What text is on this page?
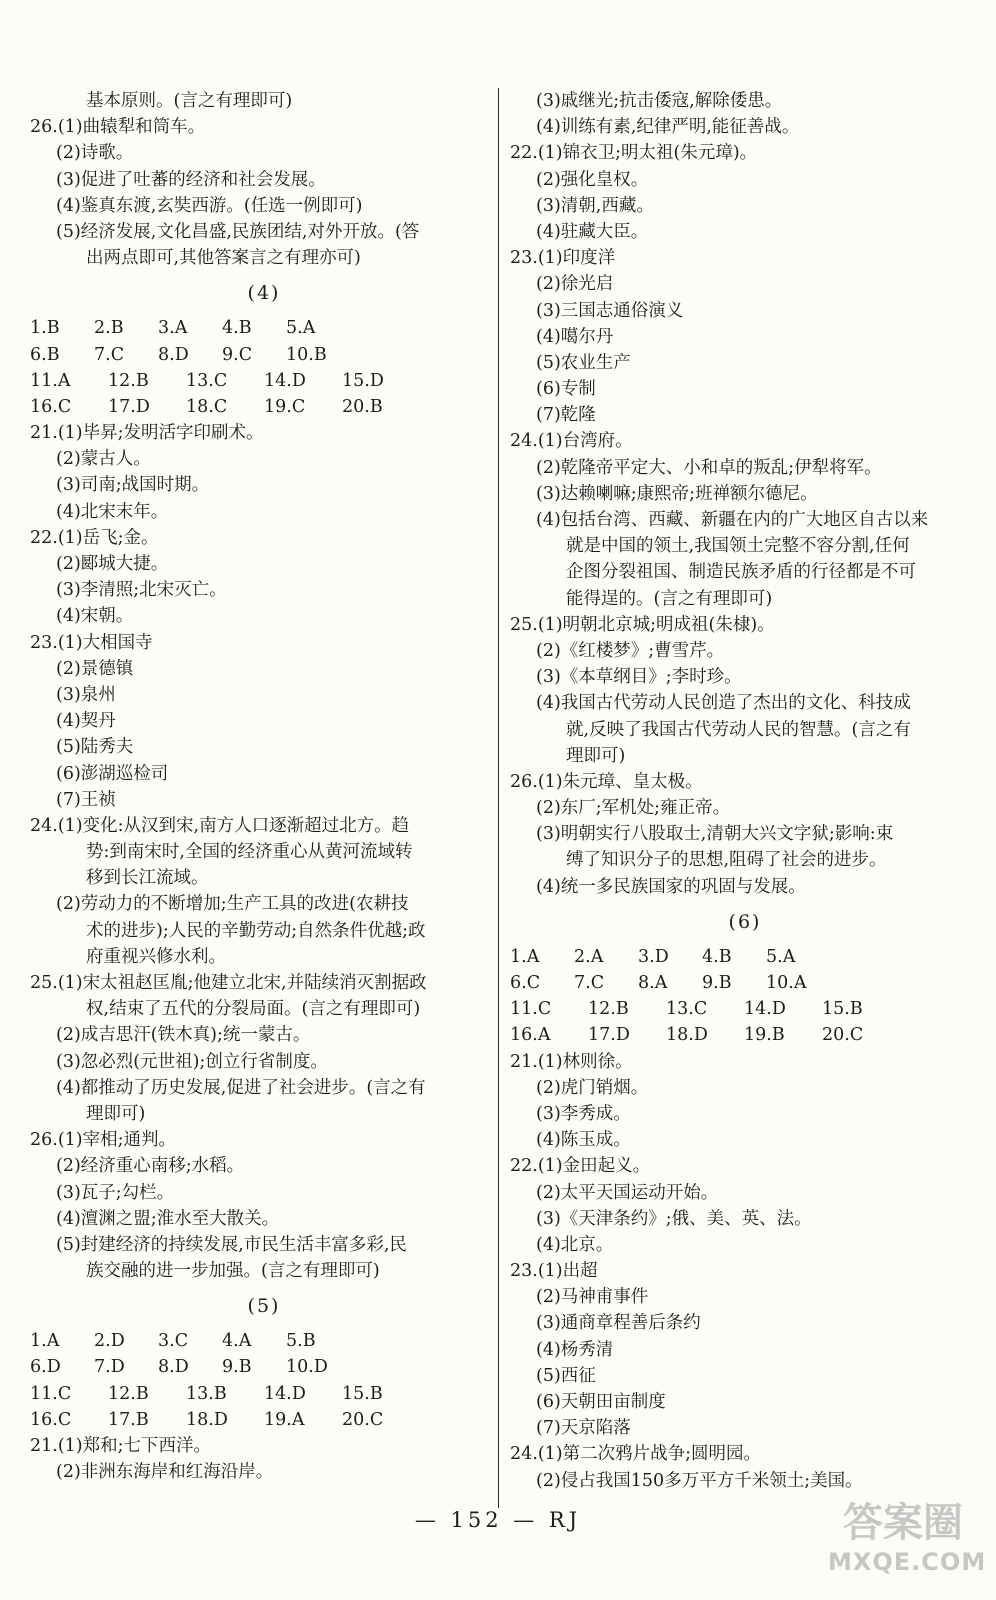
基本原则。(言之有理即可)
26.(1)曲辕犁和筒车。
(2)诗歌。
(3)促进了吐蕃的经济和社会发展。
(4)鉴真东渡,玄奘西游。(任选一例即可)
(5)经济发展,文化昌盛,民族团结,对外开放。(答
出两点即可,其他答案言之有理亦可)
(4)
1.B	2.B	3.A	4.B	5.A
6.B	7.C	8.D	9.C	10.B
11.A	12.B	13.C	14.D	15.D
16.C	17.D	18.C	19.C	20.B
21.(1)毕昇;发明活字印刷术。
(2)蒙古人。
(3)司南;战国时期。
(4)北宋末年。
22.(1)岳飞;金。
(2)郾城大捷。
(3)李清照;北宋灭亡。
(4)宋朝。
23.(1)大相国寺
(2)景德镇
(3)泉州
(4)契丹
(5)陆秀夫
(6)澎湖巡检司
(7)王祯
24.(1)变化:从汉到宋,南方人口逐渐超过北方。趋
势:到南宋时,全国的经济重心从黄河流域转
移到长江流域。
(2)劳动力的不断增加;生产工具的改进(农耕技
术的进步);人民的辛勤劳动;自然条件优越;政
府重视兴修水利。
25.(1)宋太祖赵匡胤;他建立北宋,并陆续消灭割据政
权,结束了五代的分裂局面。(言之有理即可)
(2)成吉思汗(铁木真);统一蒙古。
(3)忽必烈(元世祖);创立行省制度。
(4)都推动了历史发展,促进了社会进步。(言之有
理即可)
26.(1)宰相;通判。
(2)经济重心南移;水稻。
(3)瓦子;勾栏。
(4)澶渊之盟;淮水至大散关。
(5)封建经济的持续发展,市民生活丰富多彩,民
族交融的进一步加强。(言之有理即可)
(5)
1.A	2.D	3.C	4.A	5.B
6.D	7.D	8.D	9.B	10.D
11.C	12.B	13.B	14.D	15.B
16.C	17.B	18.D	19.A	20.C
21.(1)郑和;七下西洋。
(2)非洲东海岸和红海沿岸。
(3)戚继光;抗击倭寇,解除倭患。
(4)训练有素,纪律严明,能征善战。
22.(1)锦衣卫;明太祖(朱元璋)。
(2)强化皇权。
(3)清朝,西藏。
(4)驻藏大臣。
23.(1)印度洋
(2)徐光启
(3)三国志通俗演义
(4)噶尔丹
(5)农业生产
(6)专制
(7)乾隆
24.(1)台湾府。
(2)乾隆帝平定大、小和卓的叛乱;伊犁将军。
(3)达赖喇嘛;康熙帝;班禅额尔德尼。
(4)包括台湾、西藏、新疆在内的广大地区自古以来
就是中国的领土,我国领土完整不容分割,任何
企图分裂祖国、制造民族矛盾的行径都是不可
能得逞的。(言之有理即可)
25.(1)明朝北京城;明成祖(朱棣)。
(2)《红楼梦》;曹雪芹。
(3)《本草纲目》;李时珍。
(4)我国古代劳动人民创造了杰出的文化、科技成
就,反映了我国古代劳动人民的智慧。(言之有
理即可)
26.(1)朱元璋、皇太极。
(2)东厂;军机处;雍正帝。
(3)明朝实行八股取士,清朝大兴文字狱;影响:束
缚了知识分子的思想,阻碍了社会的进步。
(4)统一多民族国家的巩固与发展。
(6)
1.A	2.A	3.D	4.B	5.A
6.C	7.C	8.A	9.B	10.A
11.C	12.B	13.C	14.D	15.B
16.A	17.D	18.D	19.B	20.C
21.(1)林则徐。
(2)虎门销烟。
(3)李秀成。
(4)陈玉成。
22.(1)金田起义。
(2)太平天国运动开始。
(3)《天津条约》;俄、美、英、法。
(4)北京。
23.(1)出超
(2)马神甫事件
(3)通商章程善后条约
(4)杨秀清
(5)西征
(6)天朝田亩制度
(7)天京陷落
24.(1)第二次鸦片战争;圆明园。
(2)侵占我国150多万平方千米领土;美国。
— 152 — RJ	答案圈
MXQE.COM
